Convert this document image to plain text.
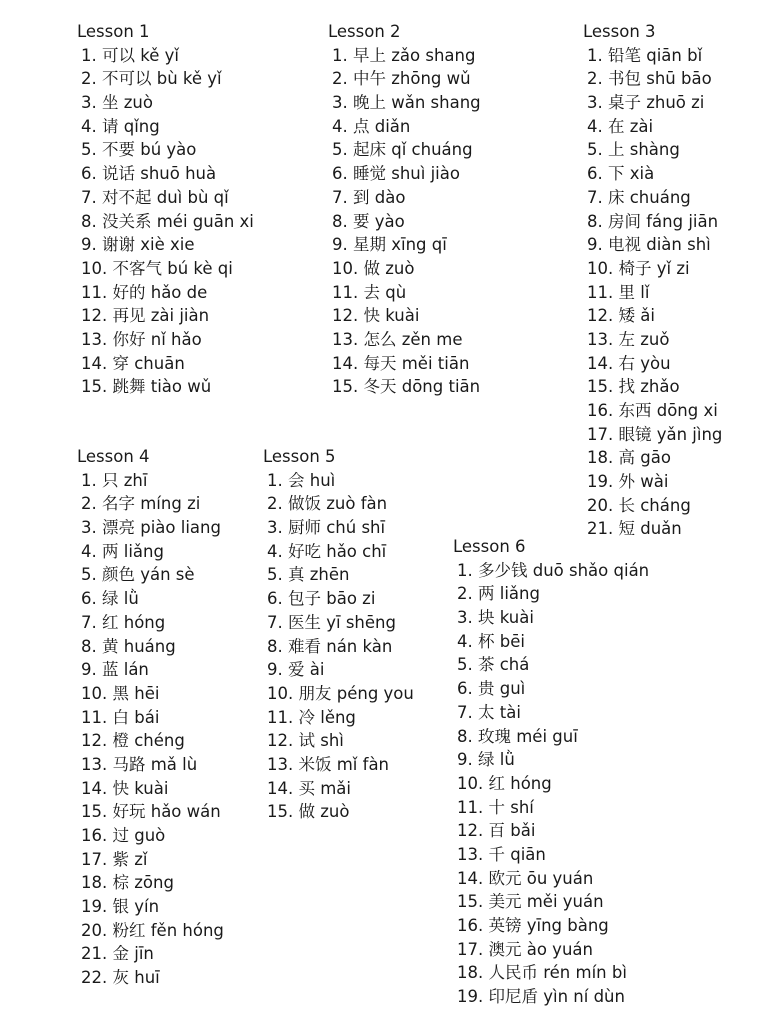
Lesson 1
1. 可以 kě yǐ
2. 不可以 bù kě yǐ
3. 坐 zuò
4. 请 qǐng
5. 不要 bú yào
6. 说话 shuō huà
7. 对不起 duì bù qǐ
8. 没关系 méi guān xi
9. 谢谢 xiè xie
10. 不客气 bú kè qi
11. 好的 hǎo de
12. 再见 zài jiàn
13. 你好 nǐ hǎo
14. 穿 chuān
15. 跳舞 tiào wǔ
Lesson 2
1. 早上 zǎo shang
2. 中午 zhōng wǔ
3. 晚上 wǎn shang
4. 点 diǎn
5. 起床 qǐ chuáng
6. 睡觉 shuì jiào
7. 到 dào
8. 要 yào
9. 星期 xīng qī
10. 做 zuò
11. 去 qù
12. 快 kuài
13. 怎么 zěn me
14. 每天 měi tiān
15. 冬天 dōng tiān
Lesson 3
1. 铅笔 qiān bǐ
2. 书包 shū bāo
3. 桌子 zhuō zi
4. 在 zài
5. 上 shàng
6. 下 xià
7. 床 chuáng
8. 房间 fáng jiān
9. 电视 diàn shì
10. 椅子 yǐ zi
11. 里 lǐ
12. 矮 ǎi
13. 左 zuǒ
14. 右 yòu
15. 找 zhǎo
16. 东西 dōng xi
17. 眼镜 yǎn jìng
18. 高 gāo
19. 外 wài
20. 长 cháng
21. 短 duǎn
Lesson 4
1. 只 zhī
2. 名字 míng zi
3. 漂亮 piào liang
4. 两 liǎng
5. 颜色 yán sè
6. 绿 lǜ
7. 红 hóng
8. 黄 huáng
9. 蓝 lán
10. 黑 hēi
11. 白 bái
12. 橙 chéng
13. 马路 mǎ lù
14. 快 kuài
15. 好玩 hǎo wán
16. 过 guò
17. 紫 zǐ
18. 棕 zōng
19. 银 yín
20. 粉红 fěn hóng
21. 金 jīn
22. 灰 huī
Lesson 5
1. 会 huì
2. 做饭 zuò fàn
3. 厨师 chú shī
4. 好吃 hǎo chī
5. 真 zhēn
6. 包子 bāo zi
7. 医生 yī shēng
8. 难看 nán kàn
9. 爱 ài
10. 朋友 péng you
11. 冷 lěng
12. 试 shì
13. 米饭 mǐ fàn
14. 买 mǎi
15. 做 zuò
Lesson 6
1. 多少钱 duō shǎo qián
2. 两 liǎng
3. 块 kuài
4. 杯 bēi
5. 茶 chá
6. 贵 guì
7. 太 tài
8. 玫瑰 méi guī
9. 绿 lǜ
10. 红 hóng
11. 十 shí
12. 百 bǎi
13. 千 qiān
14. 欧元 ōu yuán
15. 美元 měi yuán
16. 英镑 yīng bàng
17. 澳元 ào yuán
18. 人民币 rén mín bì
19. 印尼盾 yìn ní dùn
